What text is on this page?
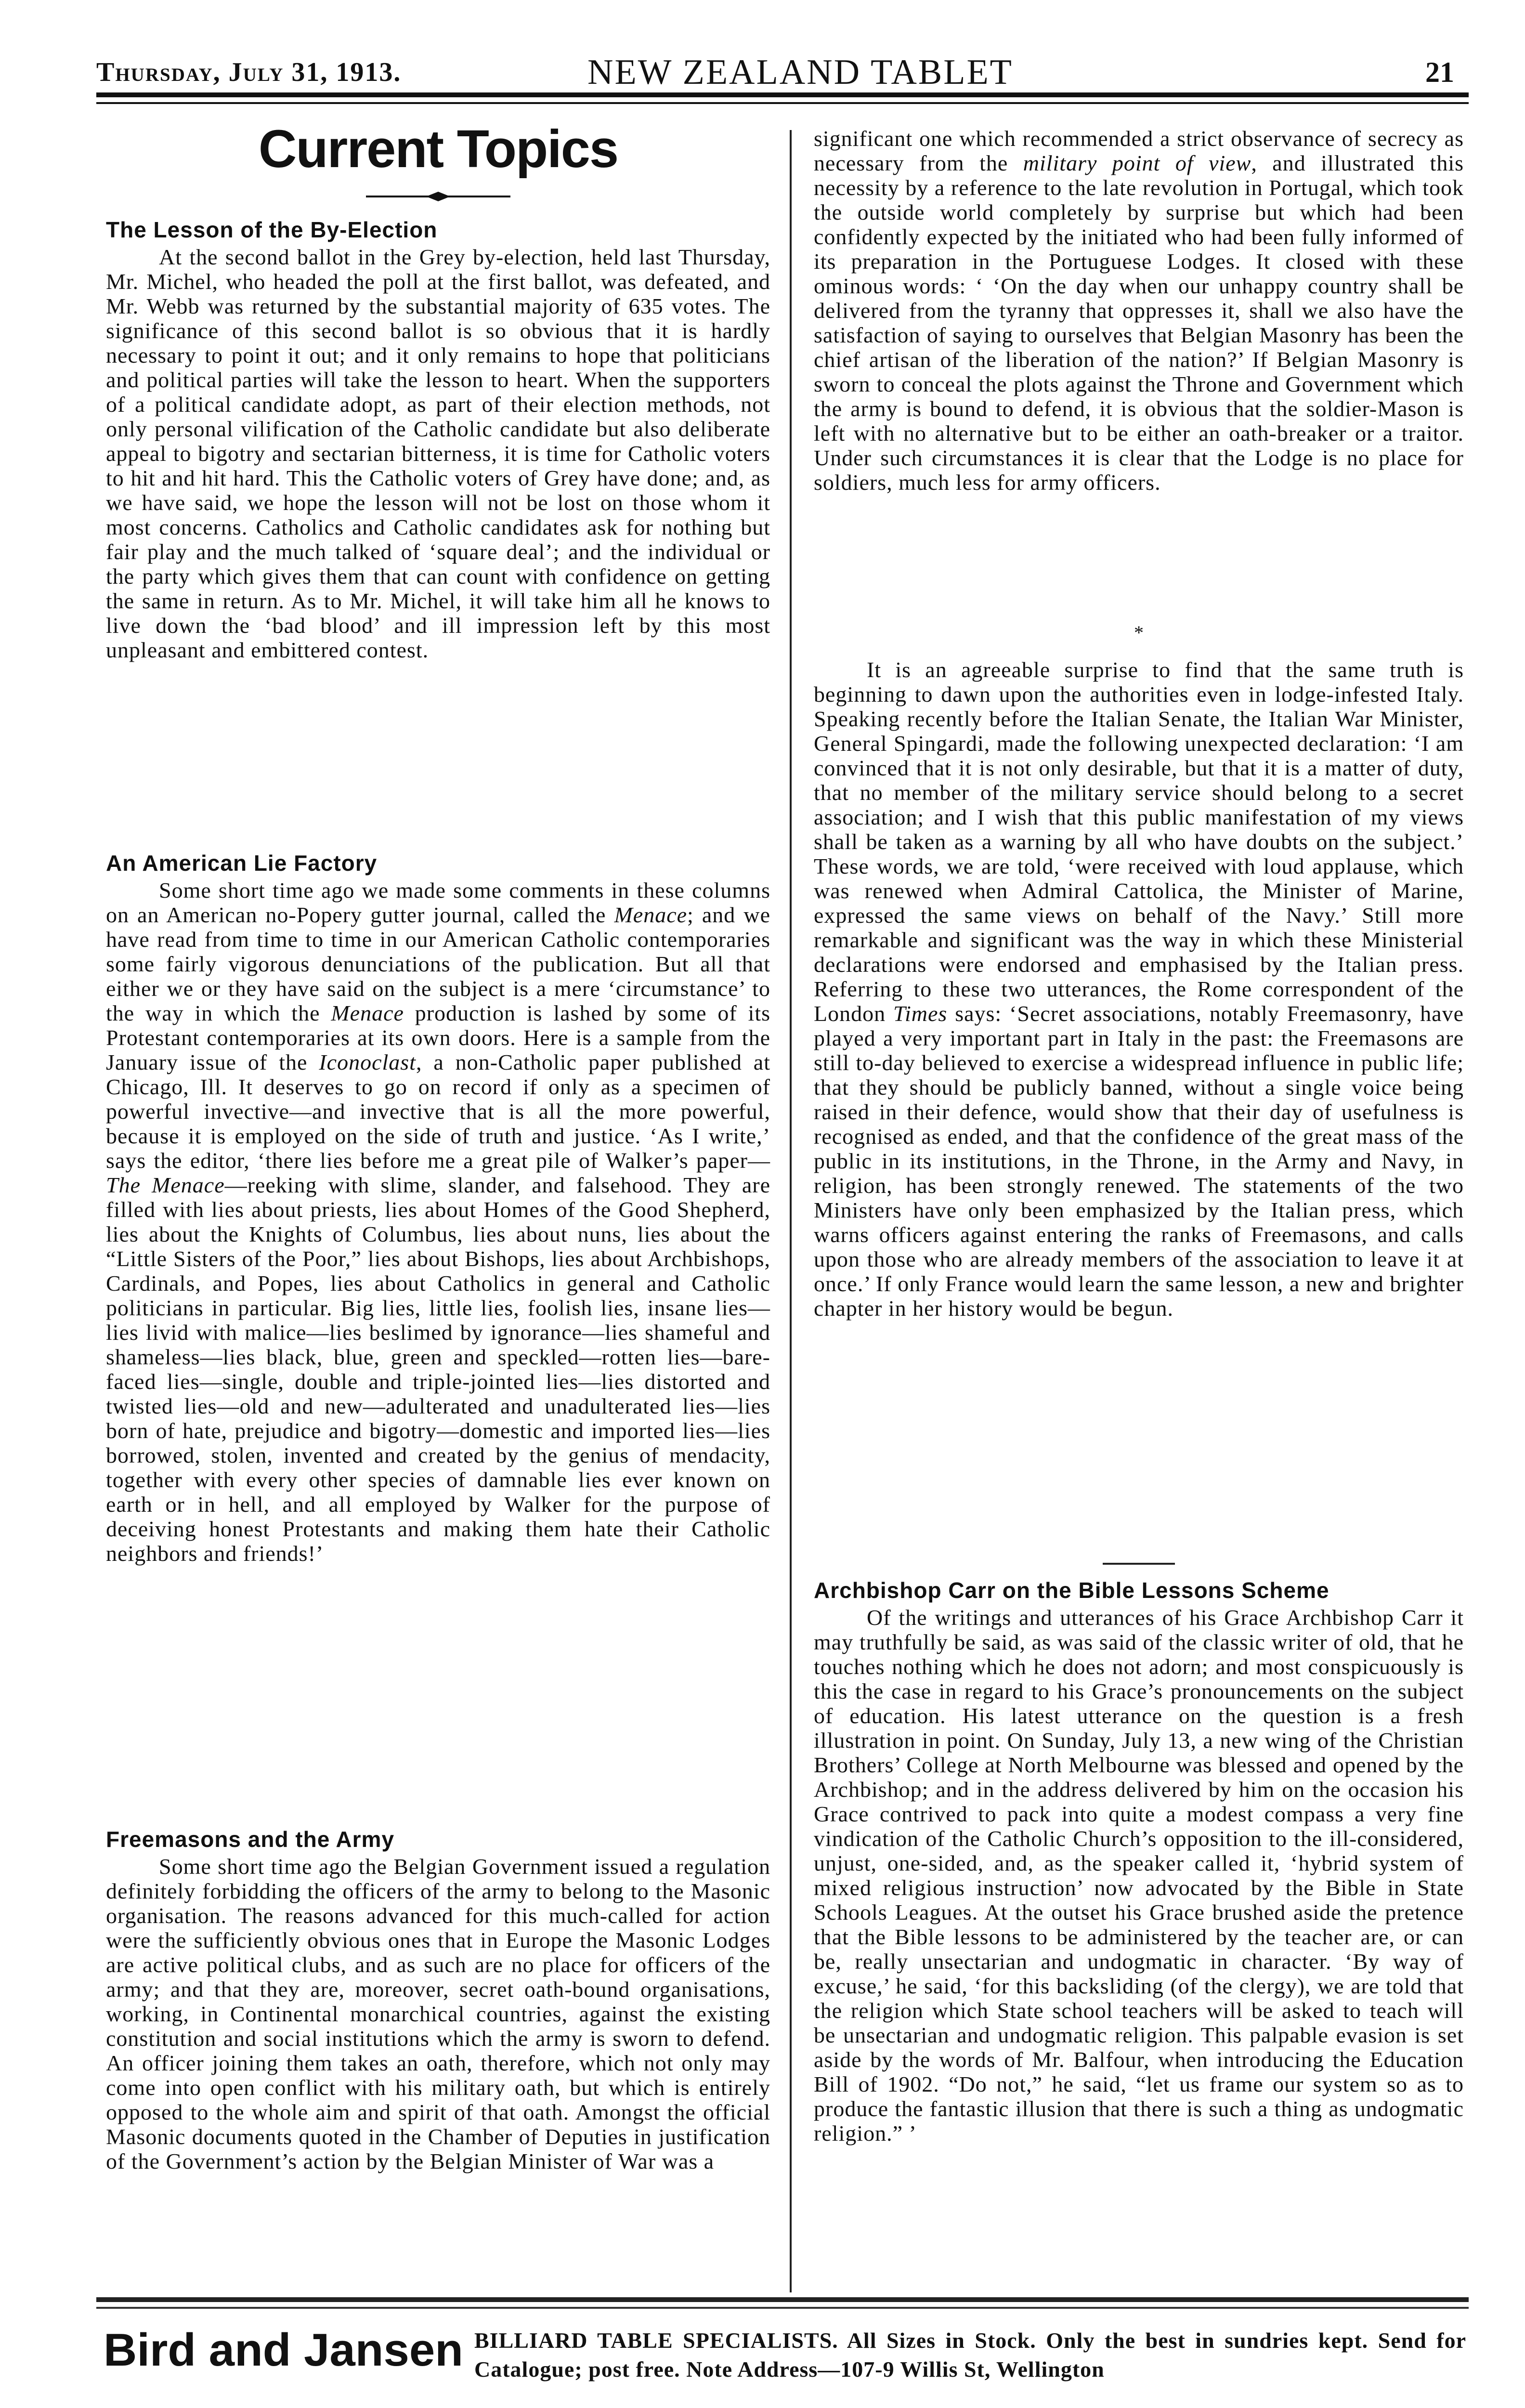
Thursday, July 31, 1913.	NEW ZEALAND TABLET	21
Current Topics
The Lesson of the By-Election

At the second ballot in the Grey by-election, held last Thursday, Mr. Michel, who headed the poll at the first ballot, was defeated, and Mr. Webb was returned by the substantial majority of 635 votes. The significance of this second ballot is so obvious that it is hardly necessary to point it out; and it only remains to hope that politicians and political parties will take the lesson to heart. When the supporters of a political candidate adopt, as part of their election methods, not only personal vilification of the Catholic candidate but also deliberate appeal to bigotry and sectarian bitterness, it is time for Catholic voters to hit and hit hard. This the Catholic voters of Grey have done; and, as we have said, we hope the lesson will not be lost on those whom it most concerns. Catholics and Catholic candidates ask for nothing but fair play and the much talked of ‘square deal’; and the individual or the party which gives them that can count with confidence on getting the same in return. As to Mr. Michel, it will take him all he knows to live down the ‘bad blood’ and ill impression left by this most unpleasant and embittered contest.

An American Lie Factory

Some short time ago we made some comments in these columns on an American no-Popery gutter journal, called the Menace; and we have read from time to time in our American Catholic contemporaries some fairly vigorous denunciations of the publication. But all that either we or they have said on the subject is a mere ‘circumstance’ to the way in which the Menace production is lashed by some of its Protestant contemporaries at its own doors. Here is a sample from the January issue of the Iconoclast, a non-Catholic paper published at Chicago, Ill. It deserves to go on record if only as a specimen of powerful invective—and invective that is all the more powerful, because it is employed on the side of truth and justice. ‘As I write,’ says the editor, ‘there lies before me a great pile of Walker’s paper—The Menace—reeking with slime, slander, and falsehood. They are filled with lies about priests, lies about Homes of the Good Shepherd, lies about the Knights of Columbus, lies about nuns, lies about the “Little Sisters of the Poor,” lies about Bishops, lies about Archbishops, Cardinals, and Popes, lies about Catholics in general and Catholic politicians in particular. Big lies, little lies, foolish lies, insane lies—lies livid with malice—lies beslimed by ignorance—lies shameful and shameless—lies black, blue, green and speckled—rotten lies—bare-faced lies—single, double and triple-jointed lies—lies distorted and twisted lies—old and new—adulterated and unadulterated lies—lies born of hate, prejudice and bigotry—domestic and imported lies—lies borrowed, stolen, invented and created by the genius of mendacity, together with every other species of damnable lies ever known on earth or in hell, and all employed by Walker for the purpose of deceiving honest Protestants and making them hate their Catholic neighbors and friends!’

Freemasons and the Army

Some short time ago the Belgian Government issued a regulation definitely forbidding the officers of the army to belong to the Masonic organisation. The reasons advanced for this much-called for action were the sufficiently obvious ones that in Europe the Masonic Lodges are active political clubs, and as such are no place for officers of the army; and that they are, moreover, secret oath-bound organisations, working, in Continental monarchical countries, against the existing constitution and social institutions which the army is sworn to defend. An officer joining them takes an oath, therefore, which not only may come into open conflict with his military oath, but which is entirely opposed to the whole aim and spirit of that oath. Amongst the official Masonic documents quoted in the Chamber of Deputies in justification of the Government’s action by the Belgian Minister of War was a

significant one which recommended a strict observance of secrecy as necessary from the military point of view, and illustrated this necessity by a reference to the late revolution in Portugal, which took the outside world completely by surprise but which had been confidently expected by the initiated who had been fully informed of its preparation in the Portuguese Lodges. It closed with these ominous words: ‘ ‘On the day when our unhappy country shall be delivered from the tyranny that oppresses it, shall we also have the satisfaction of saying to ourselves that Belgian Masonry has been the chief artisan of the liberation of the nation?’ If Belgian Masonry is sworn to conceal the plots against the Throne and Government which the army is bound to defend, it is obvious that the soldier-Mason is left with no alternative but to be either an oath-breaker or a traitor. Under such circumstances it is clear that the Lodge is no place for soldiers, much less for army officers.

*

It is an agreeable surprise to find that the same truth is beginning to dawn upon the authorities even in lodge-infested Italy. Speaking recently before the Italian Senate, the Italian War Minister, General Spingardi, made the following unexpected declaration: ‘I am convinced that it is not only desirable, but that it is a matter of duty, that no member of the military service should belong to a secret association; and I wish that this public manifestation of my views shall be taken as a warning by all who have doubts on the subject.’ These words, we are told, ‘were received with loud applause, which was renewed when Admiral Cattolica, the Minister of Marine, expressed the same views on behalf of the Navy.’ Still more remarkable and significant was the way in which these Ministerial declarations were endorsed and emphasised by the Italian press. Referring to these two utterances, the Rome correspondent of the London Times says: ‘Secret associations, notably Freemasonry, have played a very important part in Italy in the past: the Freemasons are still to-day believed to exercise a widespread influence in public life; that they should be publicly banned, without a single voice being raised in their defence, would show that their day of usefulness is recognised as ended, and that the confidence of the great mass of the public in its institutions, in the Throne, in the Army and Navy, in religion, has been strongly renewed. The statements of the two Ministers have only been emphasized by the Italian press, which warns officers against entering the ranks of Freemasons, and calls upon those who are already members of the association to leave it at once.’ If only France would learn the same lesson, a new and brighter chapter in her history would be begun.

Archbishop Carr on the Bible Lessons Scheme

Of the writings and utterances of his Grace Archbishop Carr it may truthfully be said, as was said of the classic writer of old, that he touches nothing which he does not adorn; and most conspicuously is this the case in regard to his Grace’s pronouncements on the subject of education. His latest utterance on the question is a fresh illustration in point. On Sunday, July 13, a new wing of the Christian Brothers’ College at North Melbourne was blessed and opened by the Archbishop; and in the address delivered by him on the occasion his Grace contrived to pack into quite a modest compass a very fine vindication of the Catholic Church’s opposition to the ill-considered, unjust, one-sided, and, as the speaker called it, ‘hybrid system of mixed religious instruction’ now advocated by the Bible in State Schools Leagues. At the outset his Grace brushed aside the pretence that the Bible lessons to be administered by the teacher are, or can be, really unsectarian and undogmatic in character. ‘By way of excuse,’ he said, ‘for this backsliding (of the clergy), we are told that the religion which State school teachers will be asked to teach will be unsectarian and undogmatic religion. This palpable evasion is set aside by the words of Mr. Balfour, when introducing the Education Bill of 1902. “Do not,” he said, “let us frame our system so as to produce the fantastic illusion that there is such a thing as undogmatic religion.” ’

Bird and Jansen BILLIARD TABLE SPECIALISTS. All Sizes in Stock. Only the best in sundries kept. Send for Catalogue; post free. Note Address—107-9 Willis St, Wellington
